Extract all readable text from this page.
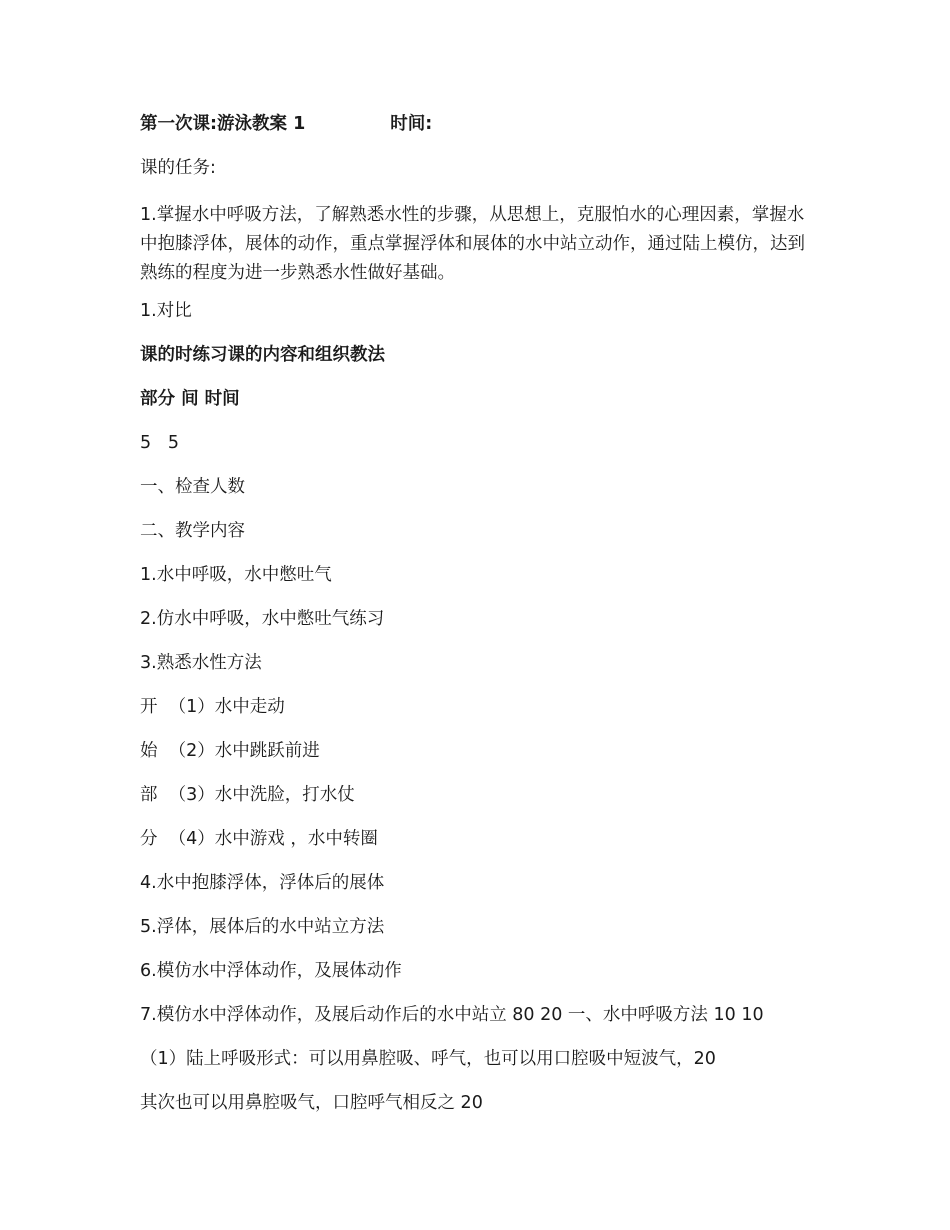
第一次课:游泳教案 1	时间:

课的任务:

1.掌握水中呼吸方法，了解熟悉水性的步骤，从思想上，克服怕水的心理因素，掌握水中抱膝浮体，展体的动作，重点掌握浮体和展体的水中站立动作，通过陆上模仿，达到熟练的程度为进一步熟悉水性做好基础。

1.对比

课的时练习课的内容和组织教法

部分 间 时间

5   5

一、检查人数

二、教学内容

1.水中呼吸，水中憋吐气

2.仿水中呼吸，水中憋吐气练习

3.熟悉水性方法

开  （1）水中走动

始  （2）水中跳跃前进

部  （3）水中洗脸，打水仗

分  （4）水中游戏 ，水中转圈

4.水中抱膝浮体，浮体后的展体

5.浮体，展体后的水中站立方法

6.模仿水中浮体动作，及展体动作

7.模仿水中浮体动作，及展后动作后的水中站立 80 20 一、水中呼吸方法 10 10

（1）陆上呼吸形式：可以用鼻腔吸、呼气，也可以用口腔吸中短波气，20

其次也可以用鼻腔吸气，口腔呼气相反之 20
